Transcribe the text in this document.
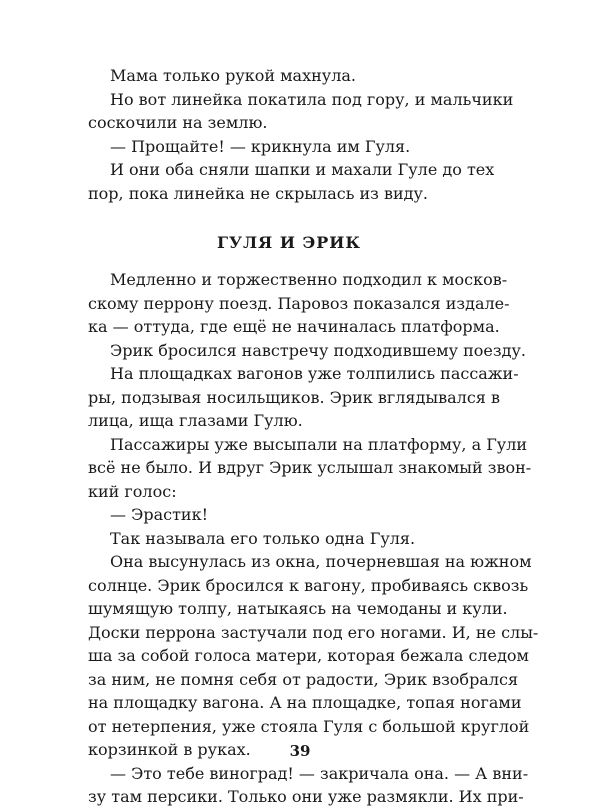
Мама только рукой махнула.
Но вот линейка покатила под гору, и мальчики
соскочили на землю.
— Прощайте! — крикнула им Гуля.
И они оба сняли шапки и махали Гуле до тех
пор, пока линейка не скрылась из виду.
ГУЛЯ И ЭРИК
Медленно и торжественно подходил к москов-
скому перрону поезд. Паровоз показался издале-
ка — оттуда, где ещё не начиналась платформа.
Эрик бросился навстречу подходившему поезду.
На площадках вагонов уже толпились пассажи-
ры, подзывая носильщиков. Эрик вглядывался в
лица, ища глазами Гулю.
Пассажиры уже высыпали на платформу, а Гули
всё не было. И вдруг Эрик услышал знакомый звон-
кий голос:
— Эрастик!
Так называла его только одна Гуля.
Она высунулась из окна, почерневшая на южном
солнце. Эрик бросился к вагону, пробиваясь сквозь
шумящую толпу, натыкаясь на чемоданы и кули.
Доски перрона застучали под его ногами. И, не слы-
ша за собой голоса матери, которая бежала следом
за ним, не помня себя от радости, Эрик взобрался
на площадку вагона. А на площадке, топая ногами
от нетерпения, уже стояла Гуля с большой круглой
корзинкой в руках.
— Это тебе виноград! — закричала она. — А вни-
зу там персики. Только они уже размякли. Их при-
39
